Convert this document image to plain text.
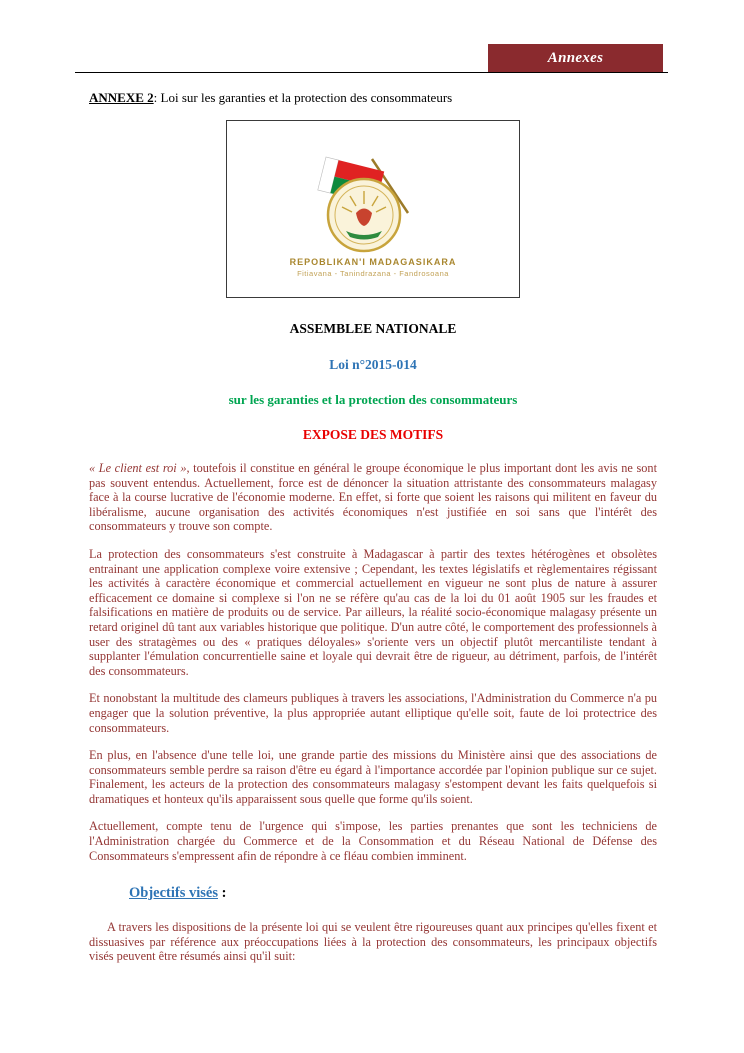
Annexes
ANNEXE 2: Loi sur les garanties et la protection des consommateurs
REPOBLIKAN'I MADAGASIKARA
Fitiavana - Tanindrazana - Fandrosoana
ASSEMBLEE NATIONALE
Loi n°2015-014
sur les garanties et la protection des consommateurs
EXPOSE DES MOTIFS

« Le client est roi », toutefois il constitue en général le groupe économique le plus important dont les avis ne sont pas souvent entendus. Actuellement, force est de dénoncer la situation attristante des consommateurs malagasy face à la course lucrative de l'économie moderne. En effet, si forte que soient les raisons qui militent en faveur du libéralisme, aucune organisation des activités économiques n'est justifiée en soi sans que l'intérêt des consommateurs y trouve son compte.

La protection des consommateurs s'est construite à Madagascar à partir des textes hétérogènes et obsolètes entrainant une application complexe voire extensive ; Cependant, les textes législatifs et règlementaires régissant les activités à caractère économique et commercial actuellement en vigueur ne sont plus de nature à assurer efficacement ce domaine si complexe si l'on ne se réfère qu'au cas de la loi du 01 août 1905 sur les fraudes et falsifications en matière de produits ou de service. Par ailleurs, la réalité socio-économique malagasy présente un retard originel dû tant aux variables historique que politique. D'un autre côté, le comportement des professionnels à user des stratagèmes ou des « pratiques déloyales» s'oriente vers un objectif plutôt mercantiliste tendant à supplanter l'émulation concurrentielle saine et loyale qui devrait être de rigueur, au détriment, parfois, de l'intérêt des consommateurs.

Et nonobstant la multitude des clameurs publiques à travers les associations, l'Administration du Commerce n'a pu engager que la solution préventive, la plus appropriée autant elliptique qu'elle soit, faute de loi protectrice des consommateurs.

En plus, en l'absence d'une telle loi, une grande partie des missions du Ministère ainsi que des associations de consommateurs semble perdre sa raison d'être eu égard à l'importance accordée par l'opinion publique sur ce sujet. Finalement, les acteurs de la protection des consommateurs malagasy s'estompent devant les faits quelquefois si dramatiques et honteux qu'ils apparaissent sous quelle que forme qu'ils soient.

Actuellement, compte tenu de l'urgence qui s'impose, les parties prenantes que sont les techniciens de l'Administration chargée du Commerce et de la Consommation et du Réseau National de Défense des Consommateurs s'empressent afin de répondre à ce fléau combien imminent.

Objectifs visés :

A travers les dispositions de la présente loi qui se veulent être rigoureuses quant aux principes qu'elles fixent et dissuasives par référence aux préoccupations liées à la protection des consommateurs, les principaux objectifs visés peuvent être résumés ainsi qu'il suit:
